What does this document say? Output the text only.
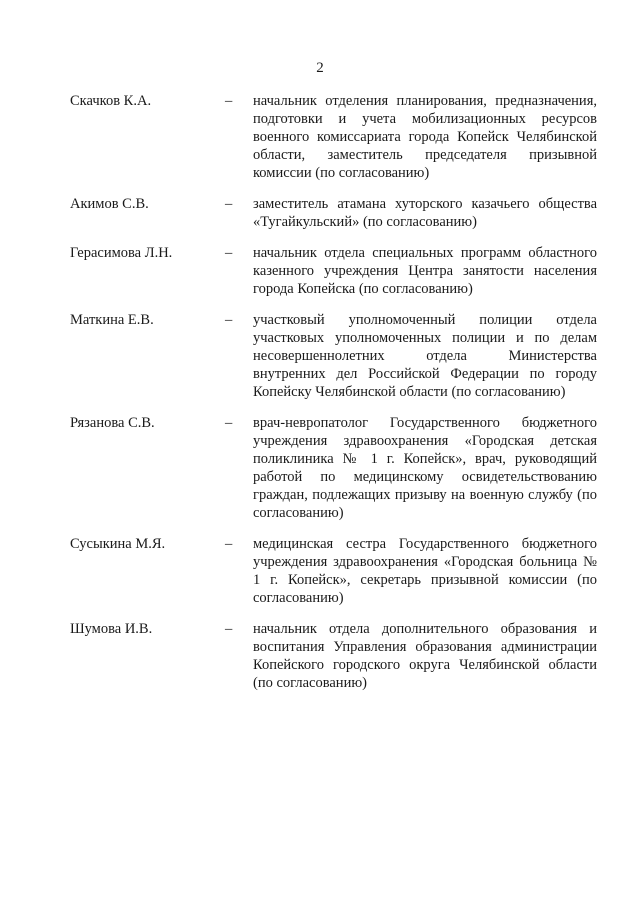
2
Скачков К.А.	– начальник отделения планирования, предназначения, подготовки и учета мобилизационных ресурсов военного комиссариата города Копейск Челябинской области, заместитель председателя призывной комиссии (по согласованию)
Акимов С.В.	– заместитель атамана хуторского казачьего общества «Тугайкульский» (по согласованию)
Герасимова Л.Н.	– начальник отдела специальных программ областного казенного учреждения Центра занятости населения города Копейска (по согласованию)
Маткина Е.В.	– участковый уполномоченный полиции отдела участковых уполномоченных полиции и по делам несовершеннолетних отдела Министерства внутренних дел Российской Федерации по городу Копейску Челябинской области (по согласованию)
Рязанова С.В.	– врач-невропатолог Государственного бюджетного учреждения здравоохранения «Городская детская поликлиника № 1 г. Копейск», врач, руководящий работой по медицинскому освидетельствованию граждан, подлежащих призыву на военную службу (по согласованию)
Сусыкина М.Я.	– медицинская сестра Государственного бюджетного учреждения здравоохранения «Городская больница № 1 г. Копейск», секретарь призывной комиссии (по согласованию)
Шумова И.В.	– начальник отдела дополнительного образования и воспитания Управления образования администрации Копейского городского округа Челябинской области (по согласованию)
